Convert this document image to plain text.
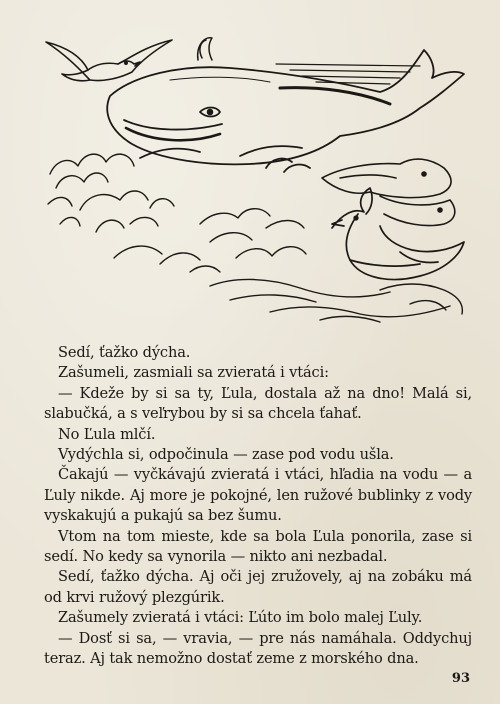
Sedí, ťažko dýcha.

Zašumeli, zasmiali sa zvieratá i vtáci:

— Kdeže by si sa ty, Ľula, dostala až na dno! Malá si, slabučká, a s veľrybou by si sa chcela ťahať.

No Ľula mlčí.

Vydýchla si, odpočinula — zase pod vodu ušla.

Čakajú — vyčkávajú zvieratá i vtáci, hľadia na vodu — a Ľuly nikde. Aj more je pokojné, len ružové bublinky z vody vyskakujú a pukajú sa bez šumu.

Vtom na tom mieste, kde sa bola Ľula ponorila, zase si sedí. No kedy sa vynorila — nikto ani nezbadal.

Sedí, ťažko dýcha. Aj oči jej zružovely, aj na zobáku má od krvi ružový plezgúrik.

Zašumely zvieratá i vtáci: Ľúto im bolo malej Ľuly.

— Dosť si sa, — vravia, — pre nás namáhala. Oddychuj teraz. Aj tak nemožno dostať zeme z morského dna.

93
